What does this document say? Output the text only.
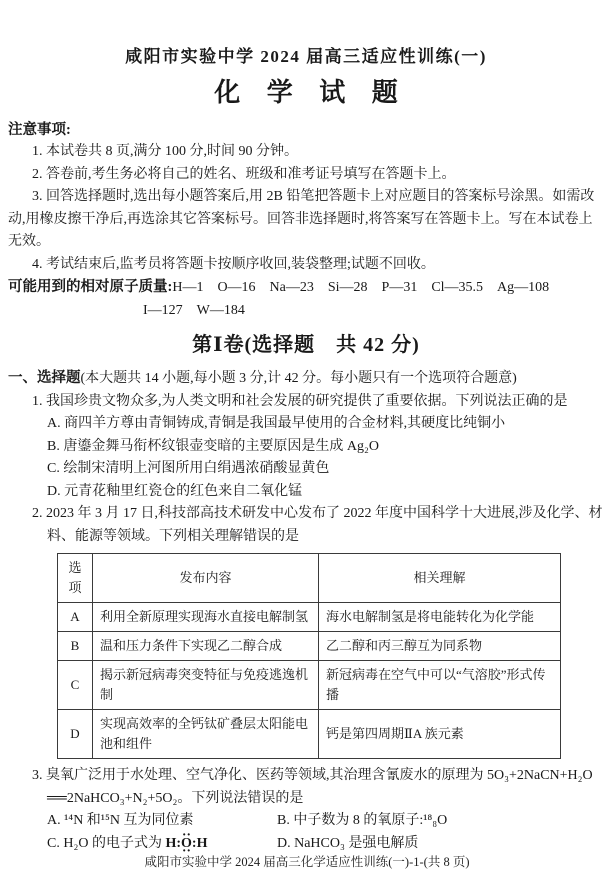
咸阳市实验中学 2024 届高三适应性训练(一)
化 学 试 题

注意事项:

1. 本试卷共 8 页,满分 100 分,时间 90 分钟。

2. 答卷前,考生务必将自己的姓名、班级和准考证号填写在答题卡上。

3. 回答选择题时,选出每小题答案后,用 2B 铅笔把答题卡上对应题目的答案标号涂黑。如需改动,用橡皮擦干净后,再选涂其它答案标号。回答非选择题时,将答案写在答题卡上。写在本试卷上无效。

4. 考试结束后,监考员将答题卡按顺序收回,装袋整理;试题不回收。

可能用到的相对原子质量:H—1　O—16　Na—23　Si—28　P—31　Cl—35.5　Ag—108

I—127　W—184

第Ⅰ卷(选择题　共 42 分)

一、选择题(本大题共 14 小题,每小题 3 分,计 42 分。每小题只有一个选项符合题意)

1. 我国珍贵文物众多,为人类文明和社会发展的研究提供了重要依据。下列说法正确的是

A. 商四羊方尊由青铜铸成,青铜是我国最早使用的合金材料,其硬度比纯铜小

B. 唐鎏金舞马衔杯纹银壶变暗的主要原因是生成 Ag₂O

C. 绘制宋清明上河图所用白绢遇浓硝酸显黄色

D. 元青花釉里红瓷仓的红色来自二氧化锰

2. 2023 年 3 月 17 日,科技部高技术研发中心发布了 2022 年度中国科学十大进展,涉及化学、材料、能源等领域。下列相关理解错误的是

选项	发布内容	相关理解
A	利用全新原理实现海水直接电解制氢	海水电解制氢是将电能转化为化学能
B	温和压力条件下实现乙二醇合成	乙二醇和丙三醇互为同系物
C	揭示新冠病毒突变特征与免疫逃逸机制	新冠病毒在空气中可以“气溶胶”形式传播
D	实现高效率的全钙钛矿叠层太阳能电池和组件	钙是第四周期ⅡA 族元素

3. 臭氧广泛用于水处理、空气净化、医药等领域,其治理含氰废水的原理为 5O₃+2NaCN+H₂O ══2NaHCO₃+N₂+5O₂。下列说法错误的是

A. ¹⁴N 和¹⁵N 互为同位素	B. 中子数为 8 的氧原子:¹⁸₈O

C. H₂O 的电子式为 H:·· O ··:H	D. NaHCO₃ 是强电解质

咸阳市实验中学 2024 届高三化学适应性训练(一)-1-(共 8 页)
